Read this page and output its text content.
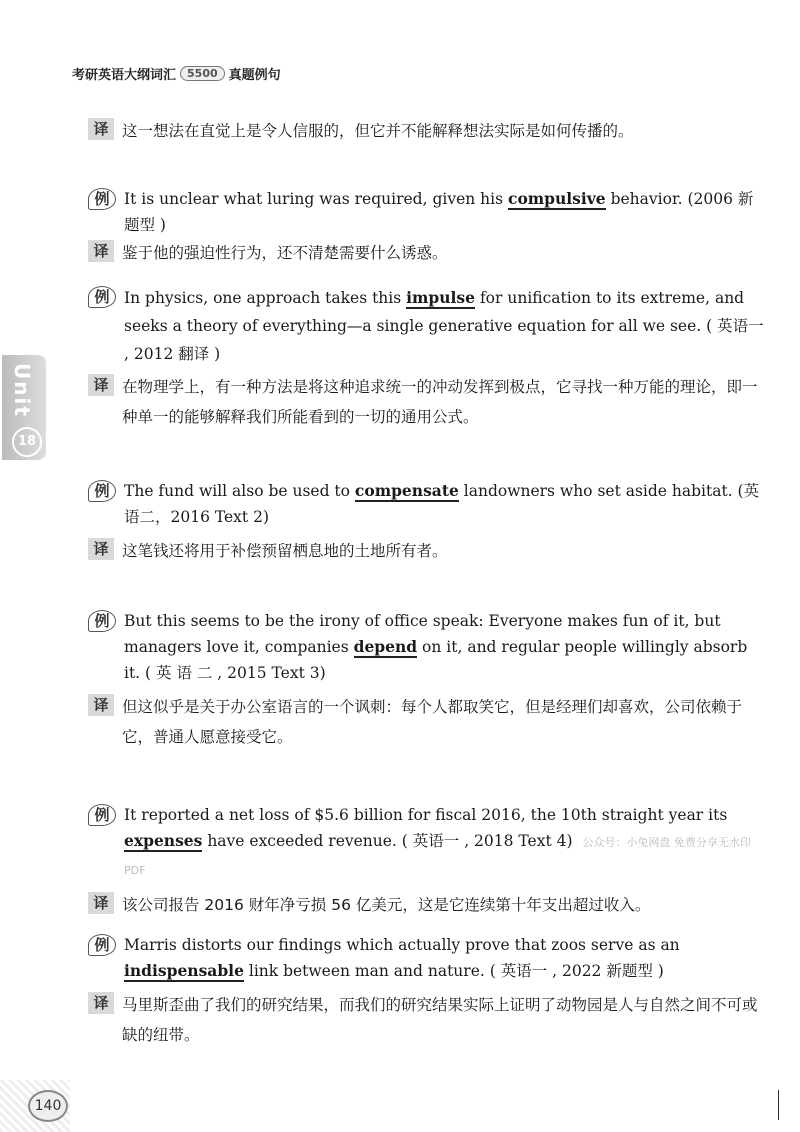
考研英语大纲词汇	5500 真题例句
Unit
18
译 这一想法在直觉上是令人信服的，但它并不能解释想法实际是如何传播的。
例 It is unclear what luring was required, given his compulsive behavior. (2006 新题型 )
译 鉴于他的强迫性行为，还不清楚需要什么诱惑。
例 In physics, one approach takes this impulse for unification to its extreme, and seeks a theory of everything—a single generative equation for all we see. ( 英语一 , 2012 翻译 )
译 在物理学上，有一种方法是将这种追求统一的冲动发挥到极点，它寻找一种万能的理论，即一种单一的能够解释我们所能看到的一切的通用公式。
例 The fund will also be used to compensate landowners who set aside habitat. (英语二，2016 Text 2)
译 这笔钱还将用于补偿预留栖息地的土地所有者。
例 But this seems to be the irony of office speak: Everyone makes fun of it, but managers love it, companies depend on it, and regular people willingly absorb it. ( 英 语 二 , 2015 Text 3)
译 但这似乎是关于办公室语言的一个讽刺：每个人都取笑它，但是经理们却喜欢，公司依赖于它，普通人愿意接受它。
例 It reported a net loss of $5.6 billion for fiscal 2016, the 10th straight year its expenses have exceeded revenue. ( 英语一 , 2018 Text 4) 公众号：小兔网盘 免费分享无水印PDF
译 该公司报告 2016 财年净亏损 56 亿美元，这是它连续第十年支出超过收入。
例 Marris distorts our findings which actually prove that zoos serve as an indispensable link between man and nature. ( 英语一 , 2022 新题型 )
译 马里斯歪曲了我们的研究结果，而我们的研究结果实际上证明了动物园是人与自然之间不可或缺的纽带。
140
